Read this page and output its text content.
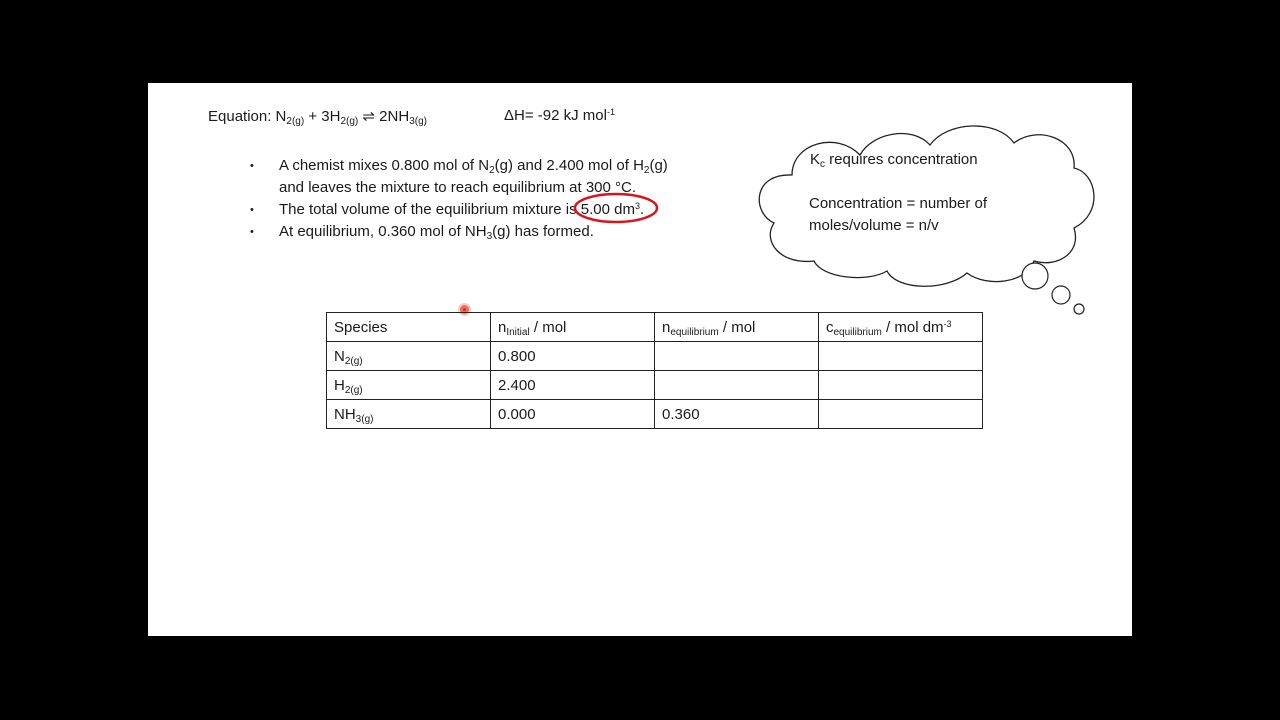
Equation: $N_{2(g)} + 3H_{2(g)}$ ⇌ $2NH_{3(g)}$	ΔH= -92 kJ mol$^{-1}$
• A chemist mixes 0.800 mol of $N_2(g)$ and 2.400 mol of $H_2(g)$
and leaves the mixture to reach equilibrium at 300 °C.
• The total volume of the equilibrium mixture is 5.00 $dm^3$.
• At equilibrium, 0.360 mol of $NH_3(g)$ has formed.
$K_c$ requires concentration
Concentration = number of
moles/volume = n/v
Species	$n_{Initial}$ / mol	$n_{equilibrium}$ / mol	$c_{equilibrium}$ / mol $dm^{-3}$
$N_{2(g)}$	0.800		
$H_{2(g)}$	2.400		
$NH_{3(g)}$	0.000	0.360	
